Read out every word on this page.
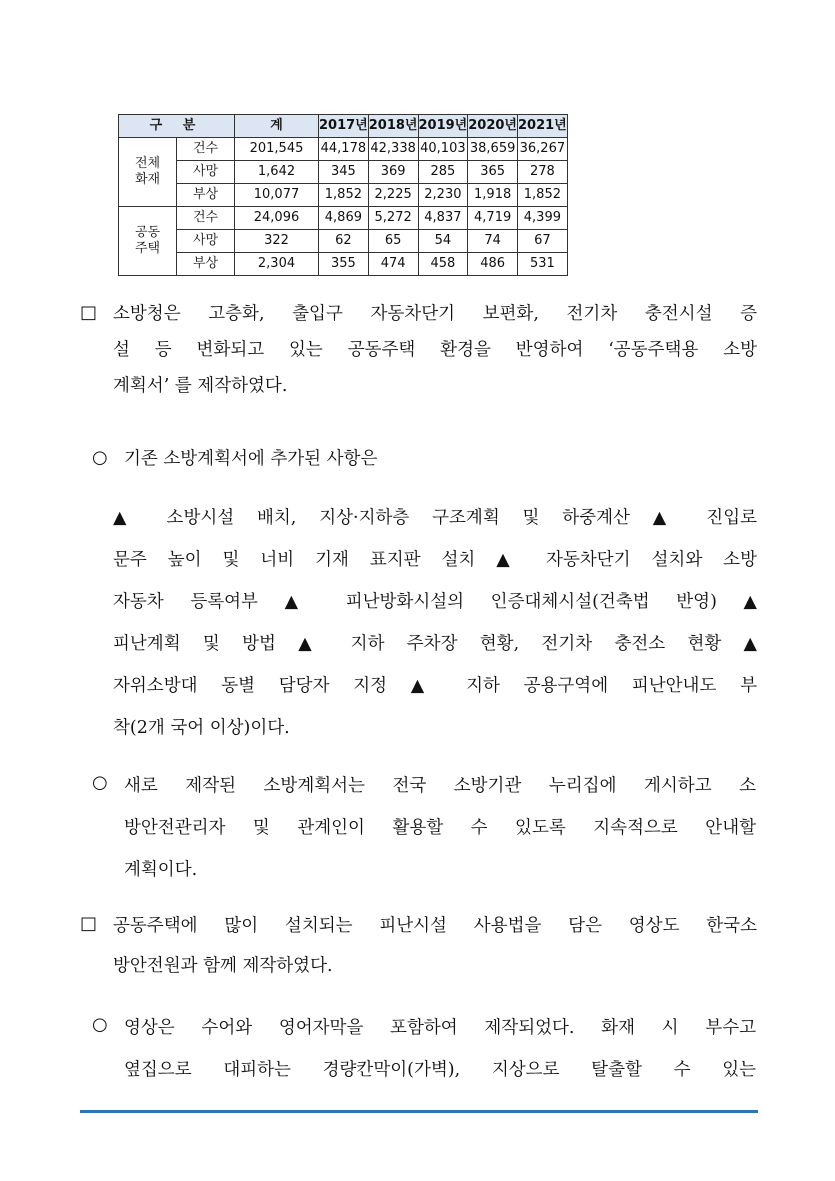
구 분		계	2017년	2018년	2019년	2020년	2021년
전체
화재	건수	201,545	44,178	42,338	40,103	38,659	36,267
	사망	1,642	345	369	285	365	278
	부상	10,077	1,852	2,225	2,230	1,918	1,852
공동
주택	건수	24,096	4,869	5,272	4,837	4,719	4,399
	사망	322	62	65	54	74	67
	부상	2,304	355	474	458	486	531
□ 소방청은 고층화, 출입구 자동차단기 보편화, 전기차 충전시설 증
설 등 변화되고 있는 공동주택 환경을 반영하여 ‘공동주택용 소방
계획서’ 를 제작하였다.
○ 기존 소방계획서에 추가된 사항은
▲ 소방시설 배치, 지상·지하층 구조계획 및 하중계산 ▲ 진입로
문주 높이 및 너비 기재 표지판 설치 ▲ 자동차단기 설치와 소방
자동차 등록여부 ▲ 피난방화시설의 인증대체시설(건축법 반영) ▲
피난계획 및 방법 ▲ 지하 주차장 현황, 전기차 충전소 현황 ▲
자위소방대 동별 담당자 지정 ▲ 지하 공용구역에 피난안내도 부
착(2개 국어 이상)이다.
○ 새로 제작된 소방계획서는 전국 소방기관 누리집에 게시하고 소
방안전관리자 및 관계인이 활용할 수 있도록 지속적으로 안내할
계획이다.
□ 공동주택에 많이 설치되는 피난시설 사용법을 담은 영상도 한국소
방안전원과 함께 제작하였다.
○ 영상은 수어와 영어자막을 포함하여 제작되었다. 화재 시 부수고
옆집으로 대피하는 경량칸막이(가벽), 지상으로 탈출할 수 있는
